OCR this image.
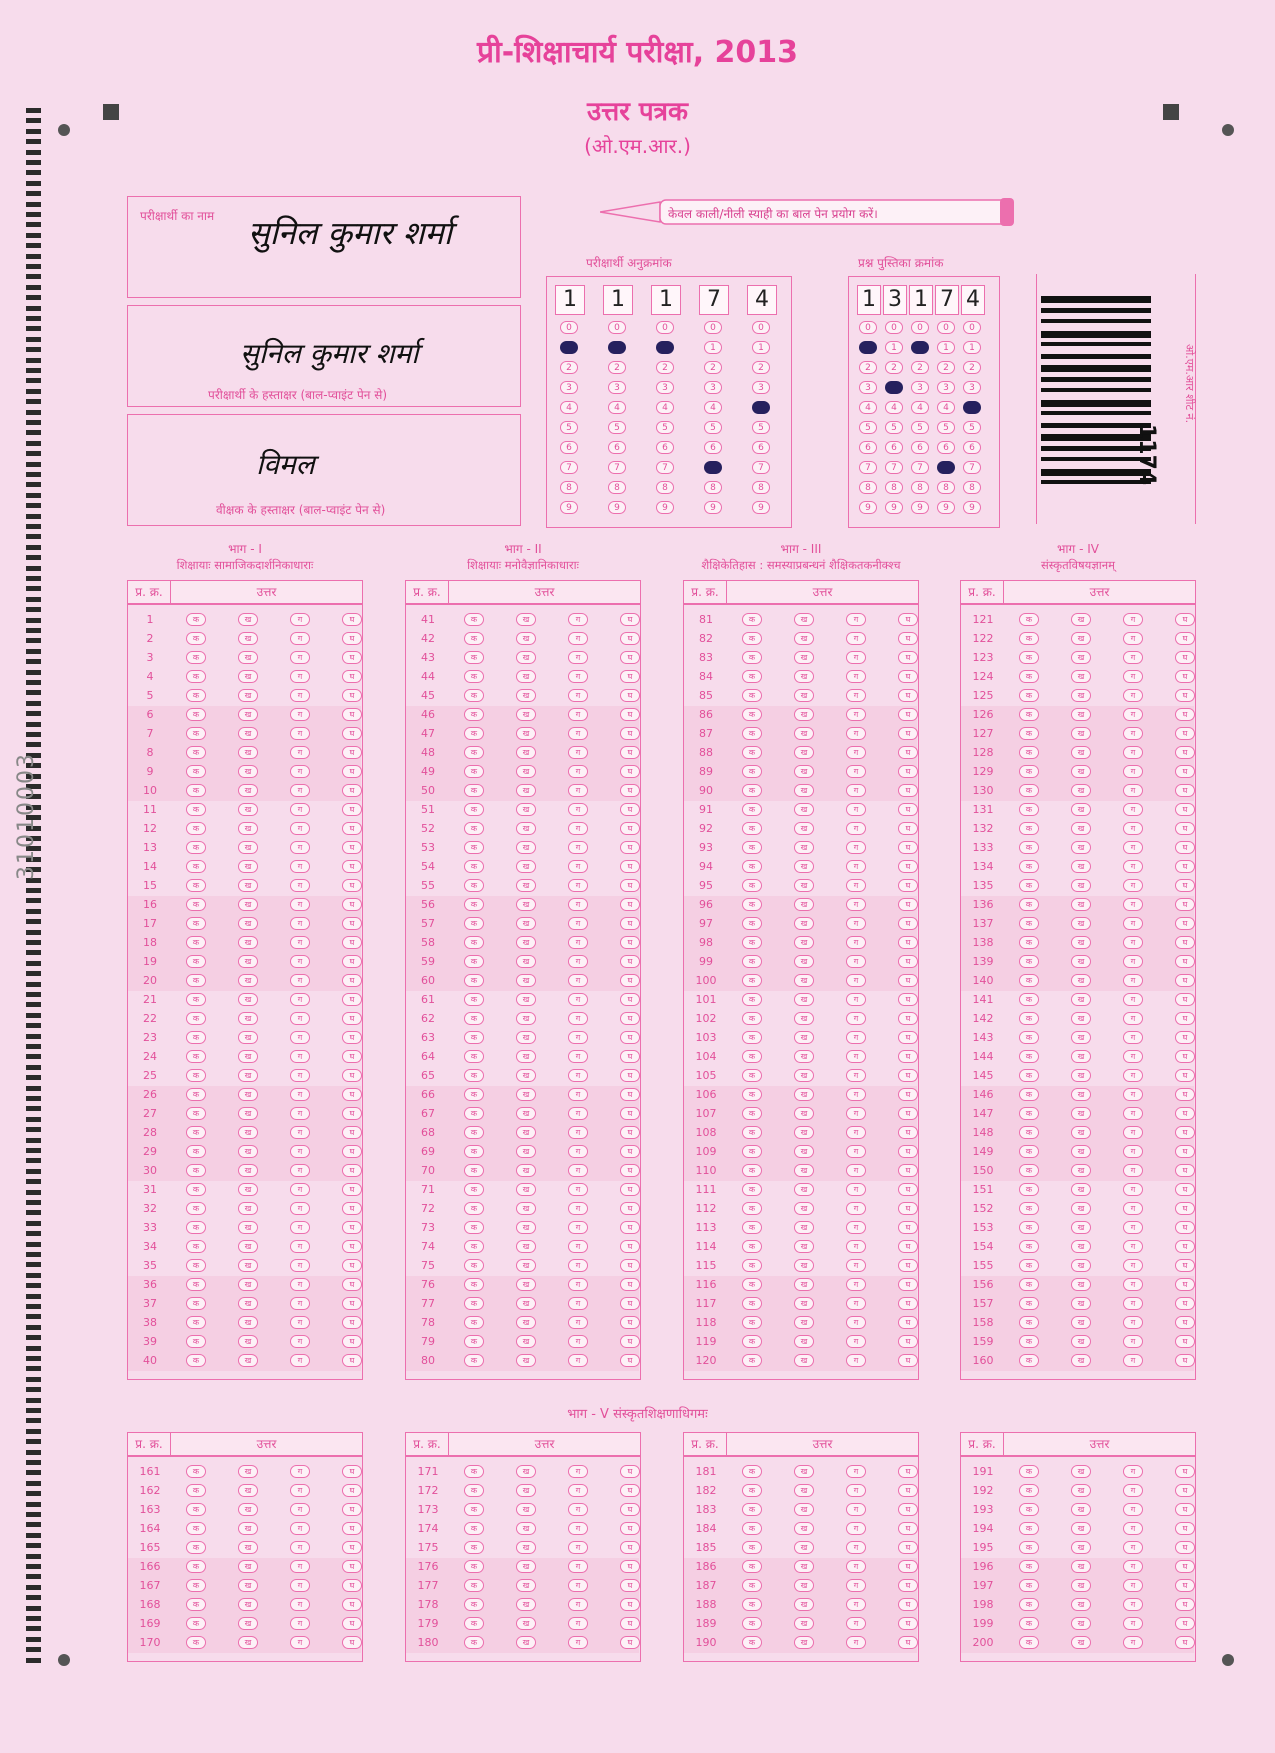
प्री-शिक्षाचार्य परीक्षा, 2013
उत्तर पत्रक
(ओ.एम.आर.)
31010003
परीक्षार्थी का नाम सुनिल कुमार शर्मा
सुनिल कुमार शर्मा
परीक्षार्थी के हस्ताक्षर (बाल-प्वाइंट पेन से)
विमल
वीक्षक के हस्ताक्षर (बाल-प्वाइंट पेन से)
केवल काली/नीली स्याही का बाल पेन प्रयोग करें।
परीक्षार्थी अनुक्रमांक
1
0
1
2
3
4
5
6
7
8
9
1
0
1
2
3
4
5
6
7
8
9
1
0
1
2
3
4
5
6
7
8
9
7
0
1
2
3
4
5
6
7
8
9
4
0
1
2
3
4
5
6
7
8
9
प्रश्न पुस्तिका क्रमांक
1
0
1
2
3
4
5
6
7
8
9
3
0
1
2
3
4
5
6
7
8
9
1
0
1
2
3
4
5
6
7
8
9
7
0
1
2
3
4
5
6
7
8
9
4
0
1
2
3
4
5
6
7
8
9
1174
ओ.एम.आर शीट नं.
भाग - I
शिक्षायाः सामाजिकदार्शनिकाधाराः
प्र. क्र.	उत्तर
1	क	ख	ग	घ
2	क	ख	ग	घ
3	क	ख	ग	घ
4	क	ख	ग	घ
5	क	ख	ग	घ
6	क	ख	ग	घ
7	क	ख	ग	घ
8	क	ख	ग	घ
9	क	ख	ग	घ
10	क	ख	ग	घ
11	क	ख	ग	घ
12	क	ख	ग	घ
13	क	ख	ग	घ
14	क	ख	ग	घ
15	क	ख	ग	घ
16	क	ख	ग	घ
17	क	ख	ग	घ
18	क	ख	ग	घ
19	क	ख	ग	घ
20	क	ख	ग	घ
21	क	ख	ग	घ
22	क	ख	ग	घ
23	क	ख	ग	घ
24	क	ख	ग	घ
25	क	ख	ग	घ
26	क	ख	ग	घ
27	क	ख	ग	घ
28	क	ख	ग	घ
29	क	ख	ग	घ
30	क	ख	ग	घ
31	क	ख	ग	घ
32	क	ख	ग	घ
33	क	ख	ग	घ
34	क	ख	ग	घ
35	क	ख	ग	घ
36	क	ख	ग	घ
37	क	ख	ग	घ
38	क	ख	ग	घ
39	क	ख	ग	घ
40	क	ख	ग	घ
भाग - II
शिक्षायाः मनोवैज्ञानिकाधाराः
प्र. क्र.	उत्तर
41	क	ख	ग	घ
42	क	ख	ग	घ
43	क	ख	ग	घ
44	क	ख	ग	घ
45	क	ख	ग	घ
46	क	ख	ग	घ
47	क	ख	ग	घ
48	क	ख	ग	घ
49	क	ख	ग	घ
50	क	ख	ग	घ
51	क	ख	ग	घ
52	क	ख	ग	घ
53	क	ख	ग	घ
54	क	ख	ग	घ
55	क	ख	ग	घ
56	क	ख	ग	घ
57	क	ख	ग	घ
58	क	ख	ग	घ
59	क	ख	ग	घ
60	क	ख	ग	घ
61	क	ख	ग	घ
62	क	ख	ग	घ
63	क	ख	ग	घ
64	क	ख	ग	घ
65	क	ख	ग	घ
66	क	ख	ग	घ
67	क	ख	ग	घ
68	क	ख	ग	घ
69	क	ख	ग	घ
70	क	ख	ग	घ
71	क	ख	ग	घ
72	क	ख	ग	घ
73	क	ख	ग	घ
74	क	ख	ग	घ
75	क	ख	ग	घ
76	क	ख	ग	घ
77	क	ख	ग	घ
78	क	ख	ग	घ
79	क	ख	ग	घ
80	क	ख	ग	घ
भाग - III
शैक्षिकेतिहास : समस्याप्रबन्धनं शैक्षिकतकनीक्श्च
प्र. क्र.	उत्तर
81	क	ख	ग	घ
82	क	ख	ग	घ
83	क	ख	ग	घ
84	क	ख	ग	घ
85	क	ख	ग	घ
86	क	ख	ग	घ
87	क	ख	ग	घ
88	क	ख	ग	घ
89	क	ख	ग	घ
90	क	ख	ग	घ
91	क	ख	ग	घ
92	क	ख	ग	घ
93	क	ख	ग	घ
94	क	ख	ग	घ
95	क	ख	ग	घ
96	क	ख	ग	घ
97	क	ख	ग	घ
98	क	ख	ग	घ
99	क	ख	ग	घ
100	क	ख	ग	घ
101	क	ख	ग	घ
102	क	ख	ग	घ
103	क	ख	ग	घ
104	क	ख	ग	घ
105	क	ख	ग	घ
106	क	ख	ग	घ
107	क	ख	ग	घ
108	क	ख	ग	घ
109	क	ख	ग	घ
110	क	ख	ग	घ
111	क	ख	ग	घ
112	क	ख	ग	घ
113	क	ख	ग	घ
114	क	ख	ग	घ
115	क	ख	ग	घ
116	क	ख	ग	घ
117	क	ख	ग	घ
118	क	ख	ग	घ
119	क	ख	ग	घ
120	क	ख	ग	घ
भाग - IV
संस्कृतविषयज्ञानम्
प्र. क्र.	उत्तर
121	क	ख	ग	घ
122	क	ख	ग	घ
123	क	ख	ग	घ
124	क	ख	ग	घ
125	क	ख	ग	घ
126	क	ख	ग	घ
127	क	ख	ग	घ
128	क	ख	ग	घ
129	क	ख	ग	घ
130	क	ख	ग	घ
131	क	ख	ग	घ
132	क	ख	ग	घ
133	क	ख	ग	घ
134	क	ख	ग	घ
135	क	ख	ग	घ
136	क	ख	ग	घ
137	क	ख	ग	घ
138	क	ख	ग	घ
139	क	ख	ग	घ
140	क	ख	ग	घ
141	क	ख	ग	घ
142	क	ख	ग	घ
143	क	ख	ग	घ
144	क	ख	ग	घ
145	क	ख	ग	घ
146	क	ख	ग	घ
147	क	ख	ग	घ
148	क	ख	ग	घ
149	क	ख	ग	घ
150	क	ख	ग	घ
151	क	ख	ग	घ
152	क	ख	ग	घ
153	क	ख	ग	घ
154	क	ख	ग	घ
155	क	ख	ग	घ
156	क	ख	ग	घ
157	क	ख	ग	घ
158	क	ख	ग	घ
159	क	ख	ग	घ
160	क	ख	ग	घ
भाग - V संस्कृतशिक्षणाधिगमः
प्र. क्र.	उत्तर
161	क	ख	ग	घ
162	क	ख	ग	घ
163	क	ख	ग	घ
164	क	ख	ग	घ
165	क	ख	ग	घ
166	क	ख	ग	घ
167	क	ख	ग	घ
168	क	ख	ग	घ
169	क	ख	ग	घ
170	क	ख	ग	घ
प्र. क्र.	उत्तर
171	क	ख	ग	घ
172	क	ख	ग	घ
173	क	ख	ग	घ
174	क	ख	ग	घ
175	क	ख	ग	घ
176	क	ख	ग	घ
177	क	ख	ग	घ
178	क	ख	ग	घ
179	क	ख	ग	घ
180	क	ख	ग	घ
प्र. क्र.	उत्तर
181	क	ख	ग	घ
182	क	ख	ग	घ
183	क	ख	ग	घ
184	क	ख	ग	घ
185	क	ख	ग	घ
186	क	ख	ग	घ
187	क	ख	ग	घ
188	क	ख	ग	घ
189	क	ख	ग	घ
190	क	ख	ग	घ
प्र. क्र.	उत्तर
191	क	ख	ग	घ
192	क	ख	ग	घ
193	क	ख	ग	घ
194	क	ख	ग	घ
195	क	ख	ग	घ
196	क	ख	ग	घ
197	क	ख	ग	घ
198	क	ख	ग	घ
199	क	ख	ग	घ
200	क	ख	ग	घ
